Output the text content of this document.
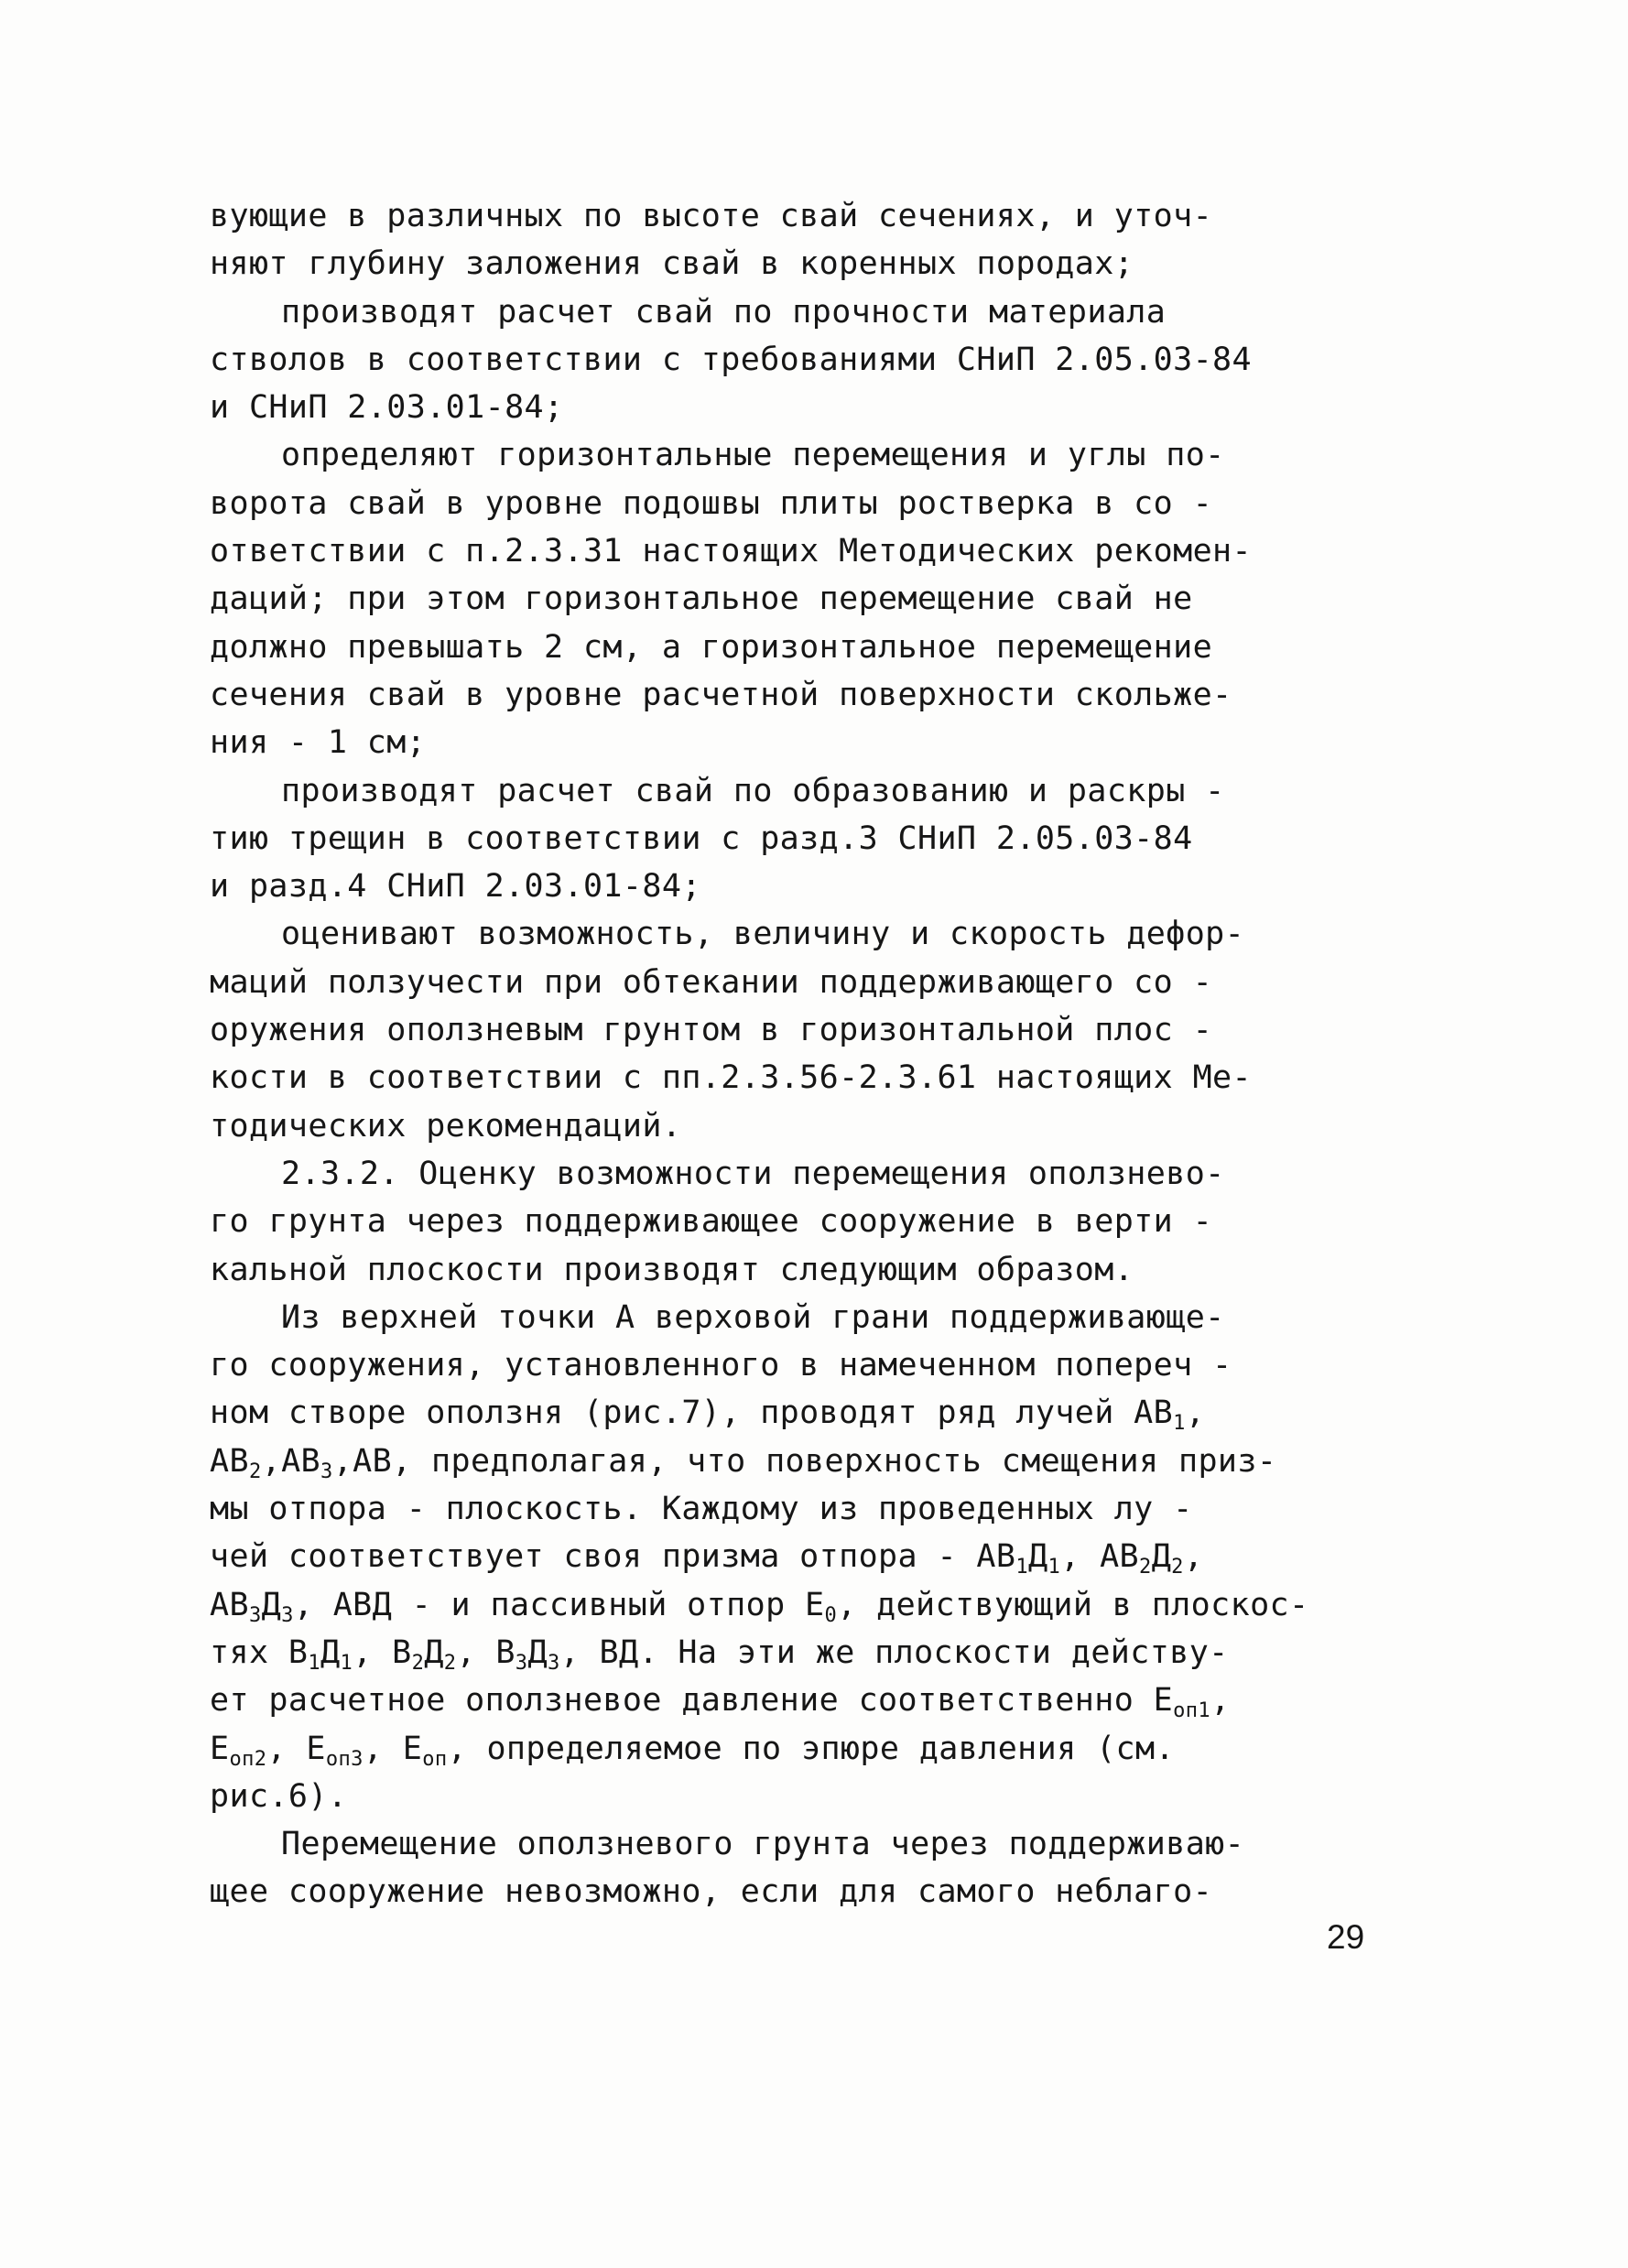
вующие в различных по высоте свай сечениях, и уточ-
няют глубину заложения свай в коренных породах;

производят расчет свай по прочности материала
стволов в соответствии с требованиями СНиП 2.05.03-84
и СНиП 2.03.01-84;

определяют горизонтальные перемещения и углы по-
ворота свай в уровне подошвы плиты ростверка в со -
ответствии с п.2.3.31 настоящих Методических рекомен-
даций; при этом горизонтальное перемещение свай не
должно превышать 2 см, а горизонтальное перемещение
сечения свай в уровне расчетной поверхности скольже-
ния - 1 см;

производят расчет свай по образованию и раскры -
тию трещин в соответствии с разд.3 СНиП 2.05.03-84
и разд.4 СНиП 2.03.01-84;

оценивают возможность, величину и скорость дефор-
маций ползучести при обтекании поддерживающего со -
оружения оползневым грунтом в горизонтальной плос -
кости в соответствии с пп.2.3.56-2.3.61 настоящих Ме-
тодических рекомендаций.

2.3.2. Оценку возможности перемещения оползнево-
го грунта через поддерживающее сооружение в верти -
кальной плоскости производят следующим образом.

Из верхней точки А верховой грани поддерживающе-
го сооружения, установленного в намеченном попереч -
ном створе оползня (рис.7), проводят ряд лучей $АВ_1$,
$АВ_2,АВ_3,АВ$, предполагая, что поверхность смещения приз-
мы отпора - плоскость. Каждому из проведенных лу -
чей соответствует своя призма отпора - $АВ_1Д_1$, $АВ_2Д_2$,
$АВ_3Д_3$, АВД - и пассивный отпор $Е_0$, действующий в плоскос-
тях $В_1Д_1$, $В_2Д_2$, $В_3Д_3$, ВД. На эти же плоскости действу-
ет расчетное оползневое давление соответственно $Е_{оп1}$,
$Е_{оп2}$, $Е_{оп3}$, $Е_{оп}$, определяемое по эпюре давления (см.
рис.6).

Перемещение оползневого грунта через поддерживаю-
щее сооружение невозможно, если для самого неблаго-

29
